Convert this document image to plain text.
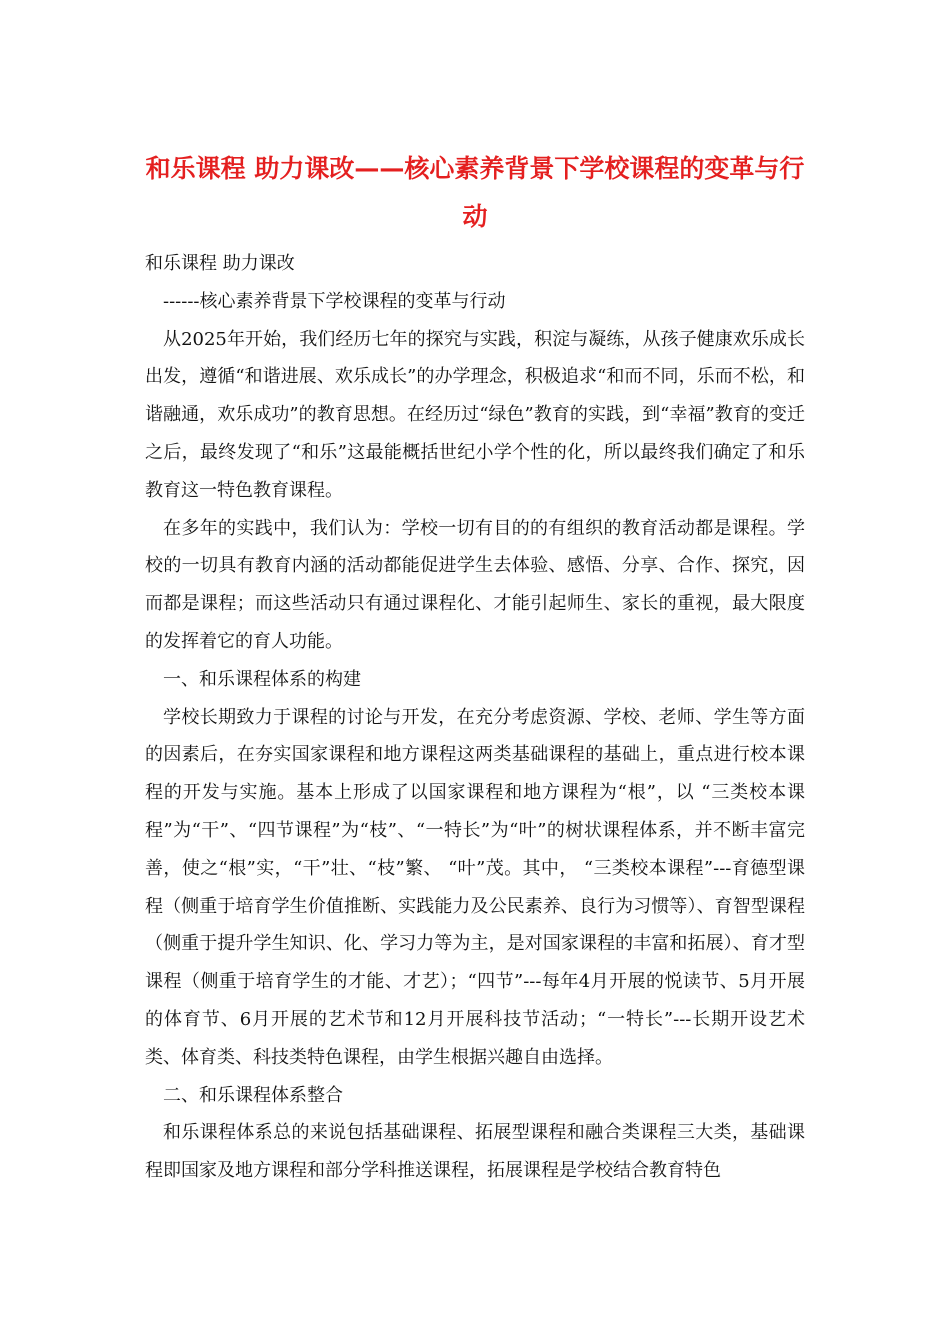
和乐课程 助力课改——核心素养背景下学校课程的变革与行动

和乐课程 助力课改

------核心素养背景下学校课程的变革与行动

从2025年开始，我们经历七年的探究与实践，积淀与凝练，从孩子健康欢乐成长出发，遵循“和谐进展、欢乐成长”的办学理念，积极追求“和而不同，乐而不松，和谐融通，欢乐成功”的教育思想。在经历过“绿色”教育的实践，到“幸福”教育的变迁之后，最终发现了“和乐”这最能概括世纪小学个性的化，所以最终我们确定了和乐教育这一特色教育课程。

在多年的实践中，我们认为：学校一切有目的的有组织的教育活动都是课程。学校的一切具有教育内涵的活动都能促进学生去体验、感悟、分享、合作、探究，因而都是课程；而这些活动只有通过课程化、才能引起师生、家长的重视，最大限度的发挥着它的育人功能。

一、和乐课程体系的构建

学校长期致力于课程的讨论与开发，在充分考虑资源、学校、老师、学生等方面的因素后，在夯实国家课程和地方课程这两类基础课程的基础上，重点进行校本课程的开发与实施。基本上形成了以国家课程和地方课程为“根”，以 “三类校本课程”为“干”、“四节课程”为“枝”、“一特长”为“叶”的树状课程体系，并不断丰富完善，使之“根”实，“干”壮、“枝”繁、 “叶”茂。其中， “三类校本课程”---育德型课程（侧重于培育学生价值推断、实践能力及公民素养、良行为习惯等）、育智型课程（侧重于提升学生知识、化、学习力等为主，是对国家课程的丰富和拓展）、育才型课程（侧重于培育学生的才能、才艺）；“四节”---每年4月开展的悦读节、5月开展的体育节、6月开展的艺术节和12月开展科技节活动；“一特长”---长期开设艺术类、体育类、科技类特色课程，由学生根据兴趣自由选择。

二、和乐课程体系整合

和乐课程体系总的来说包括基础课程、拓展型课程和融合类课程三大类，基础课程即国家及地方课程和部分学科推送课程，拓展课程是学校结合教育特色
